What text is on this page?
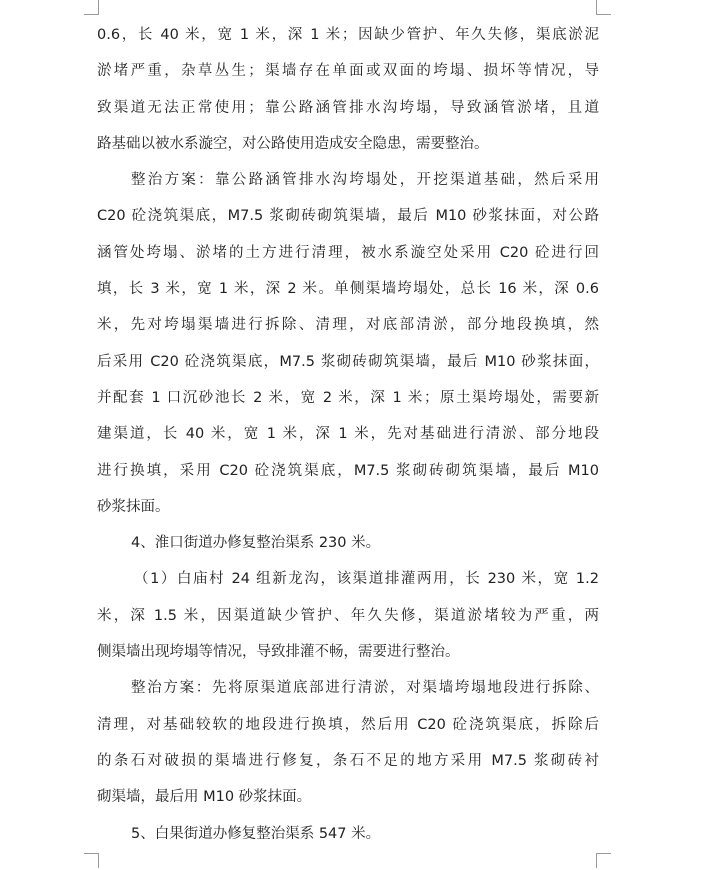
0.6，长 40 米，宽 1 米，深 1 米；因缺少管护、年久失修，渠底淤泥
淤堵严重，杂草丛生；渠墙存在单面或双面的垮塌、损坏等情况，导
致渠道无法正常使用；靠公路涵管排水沟垮塌，导致涵管淤堵，且道
路基础以被水系漩空，对公路使用造成安全隐患，需要整治。
整治方案：靠公路涵管排水沟垮塌处，开挖渠道基础，然后采用
C20 砼浇筑渠底，M7.5 浆砌砖砌筑渠墙，最后 M10 砂浆抹面，对公路
涵管处垮塌、淤堵的土方进行清理，被水系漩空处采用 C20 砼进行回
填，长 3 米，宽 1 米，深 2 米。单侧渠墙垮塌处，总长 16 米，深 0.6
米，先对垮塌渠墙进行拆除、清理，对底部清淤，部分地段换填，然
后采用 C20 砼浇筑渠底，M7.5 浆砌砖砌筑渠墙，最后 M10 砂浆抹面，
并配套 1 口沉砂池长 2 米，宽 2 米，深 1 米；原土渠垮塌处，需要新
建渠道，长 40 米，宽 1 米，深 1 米，先对基础进行清淤、部分地段
进行换填，采用 C20 砼浇筑渠底，M7.5 浆砌砖砌筑渠墙，最后 M10
砂浆抹面。
4、淮口街道办修复整治渠系 230 米。
（1）白庙村 24 组新龙沟，该渠道排灌两用，长 230 米，宽 1.2
米，深 1.5 米，因渠道缺少管护、年久失修，渠道淤堵较为严重，两
侧渠墙出现垮塌等情况，导致排灌不畅，需要进行整治。
整治方案：先将原渠道底部进行清淤，对渠墙垮塌地段进行拆除、
清理，对基础较软的地段进行换填，然后用 C20 砼浇筑渠底，拆除后
的条石对破损的渠墙进行修复，条石不足的地方采用 M7.5 浆砌砖衬
砌渠墙，最后用 M10 砂浆抹面。
5、白果街道办修复整治渠系 547 米。
